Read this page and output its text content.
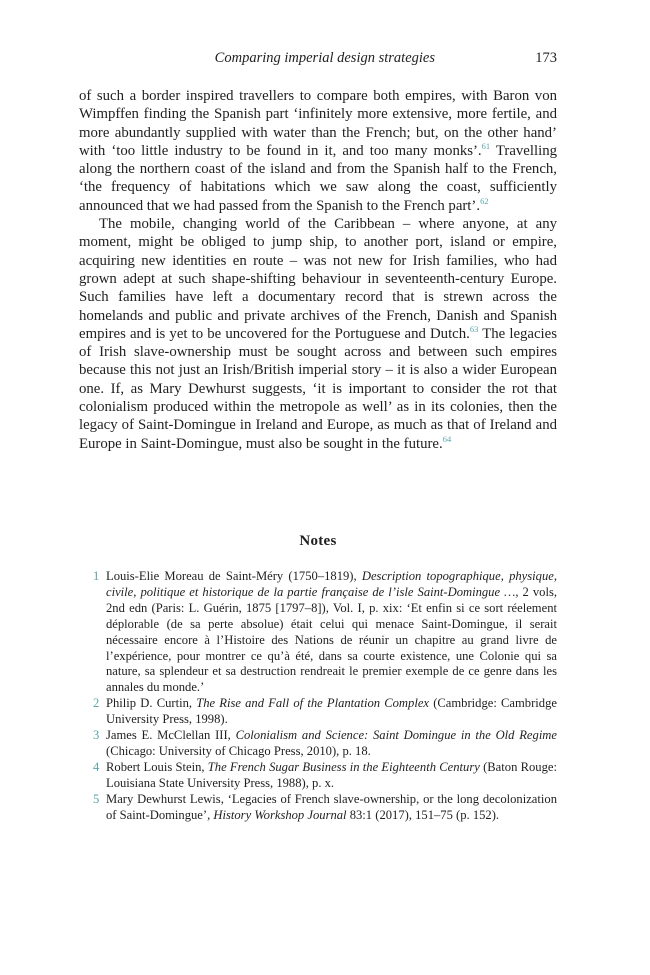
Comparing imperial design strategies	173

of such a border inspired travellers to compare both empires, with Baron von Wimpffen finding the Spanish part ‘infinitely more extensive, more fertile, and more abundantly supplied with water than the French; but, on the other hand’ with ‘too little industry to be found in it, and too many monks’.$^{61}$ Travelling along the northern coast of the island and from the Spanish half to the French, ‘the frequency of habitations which we saw along the coast, sufficiently announced that we had passed from the Spanish to the French part’.$^{62}$

The mobile, changing world of the Caribbean – where anyone, at any moment, might be obliged to jump ship, to another port, island or empire, acquiring new identities en route – was not new for Irish families, who had grown adept at such shape-shifting behaviour in seventeenth-century Europe. Such families have left a documentary record that is strewn across the homelands and public and private archives of the French, Danish and Spanish empires and is yet to be uncovered for the Portuguese and Dutch.$^{63}$ The legacies of Irish slave-ownership must be sought across and between such empires because this not just an Irish/British imperial story – it is also a wider European one. If, as Mary Dewhurst suggests, ‘it is important to consider the rot that colonialism produced within the metropole as well’ as in its colonies, then the legacy of Saint-Domingue in Ireland and Europe, as much as that of Ireland and Europe in Saint-Domingue, must also be sought in the future.$^{64}$

Notes

1 Louis-Elie Moreau de Saint-Méry (1750–1819), Description topographique, physique, civile, politique et historique de la partie française de l’isle Saint-Domingue …, 2 vols, 2nd edn (Paris: L. Guérin, 1875 [1797–8]), Vol. I, p. xix: ‘Et enfin si ce sort réelement déplorable (de sa perte absolue) était celui qui menace Saint-Domingue, il serait nécessaire encore à l’Histoire des Nations de réunir un chapitre au grand livre de l’expérience, pour montrer ce qu’à été, dans sa courte existence, une Colonie qui sa nature, sa splendeur et sa destruction rendreait le premier exemple de ce genre dans les annales du monde.’

2 Philip D. Curtin, The Rise and Fall of the Plantation Complex (Cambridge: Cambridge University Press, 1998).

3 James E. McClellan III, Colonialism and Science: Saint Domingue in the Old Regime (Chicago: University of Chicago Press, 2010), p. 18.

4 Robert Louis Stein, The French Sugar Business in the Eighteenth Century (Baton Rouge: Louisiana State University Press, 1988), p. x.

5 Mary Dewhurst Lewis, ‘Legacies of French slave-ownership, or the long decolonization of Saint-Domingue’, History Workshop Journal 83:1 (2017), 151–75 (p. 152).
